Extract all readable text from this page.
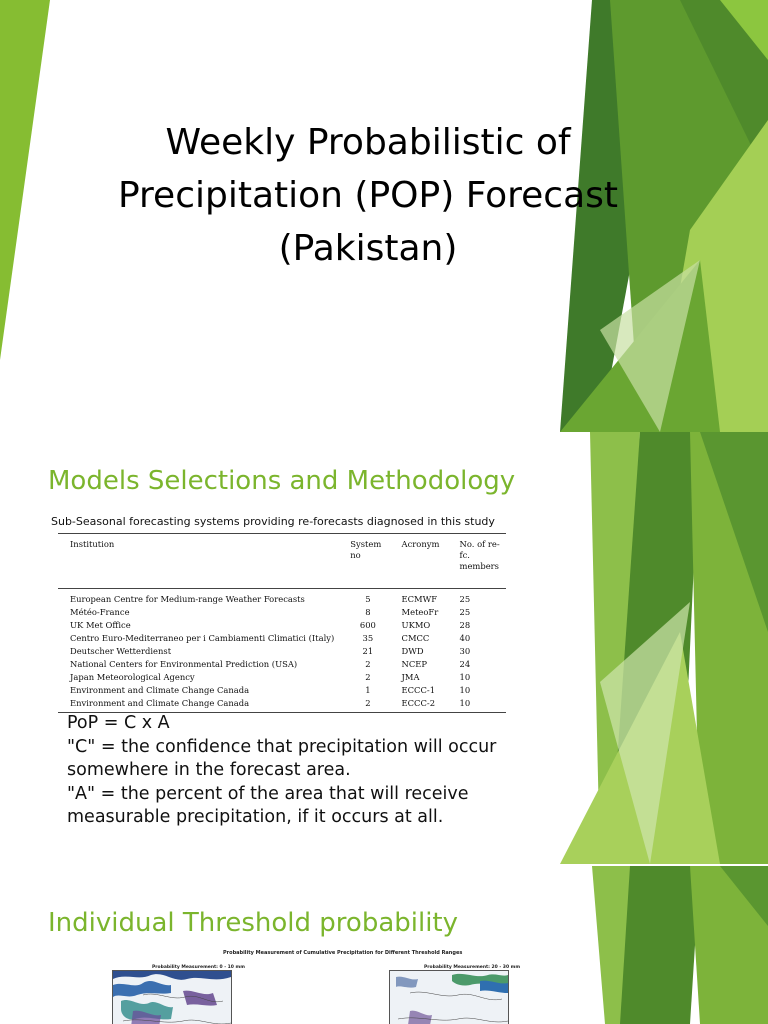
Weekly Probabilistic of
Precipitation (POP) Forecast
(Pakistan)
Models Selections and Methodology
Sub-Seasonal forecasting systems providing re-forecasts diagnosed in this study
Institution	System no	Acronym	No. of re-fc. members
European Centre for Medium-range Weather Forecasts	5	ECMWF	25
Météo-France	8	MeteoFr	25
UK Met Office	600	UKMO	28
Centro Euro-Mediterraneo per i Cambiamenti Climatici (Italy)	35	CMCC	40
Deutscher Wetterdienst	21	DWD	30
National Centers for Environmental Prediction (USA)	2	NCEP	24
Japan Meteorological Agency	2	JMA	10
Environment and Climate Change Canada	1	ECCC-1	10
Environment and Climate Change Canada	2	ECCC-2	10
PoP = C x A
"C" = the confidence that precipitation will occur
somewhere in the forecast area.
"A" = the percent of the area that will receive
measurable precipitation, if it occurs at all.
Individual Threshold probability
Probability Measurement of Cumulative Precipitation for Different Threshold Ranges
Probability Measurement: 0 - 10 mm	Probability Measurement: 20 - 30 mm
